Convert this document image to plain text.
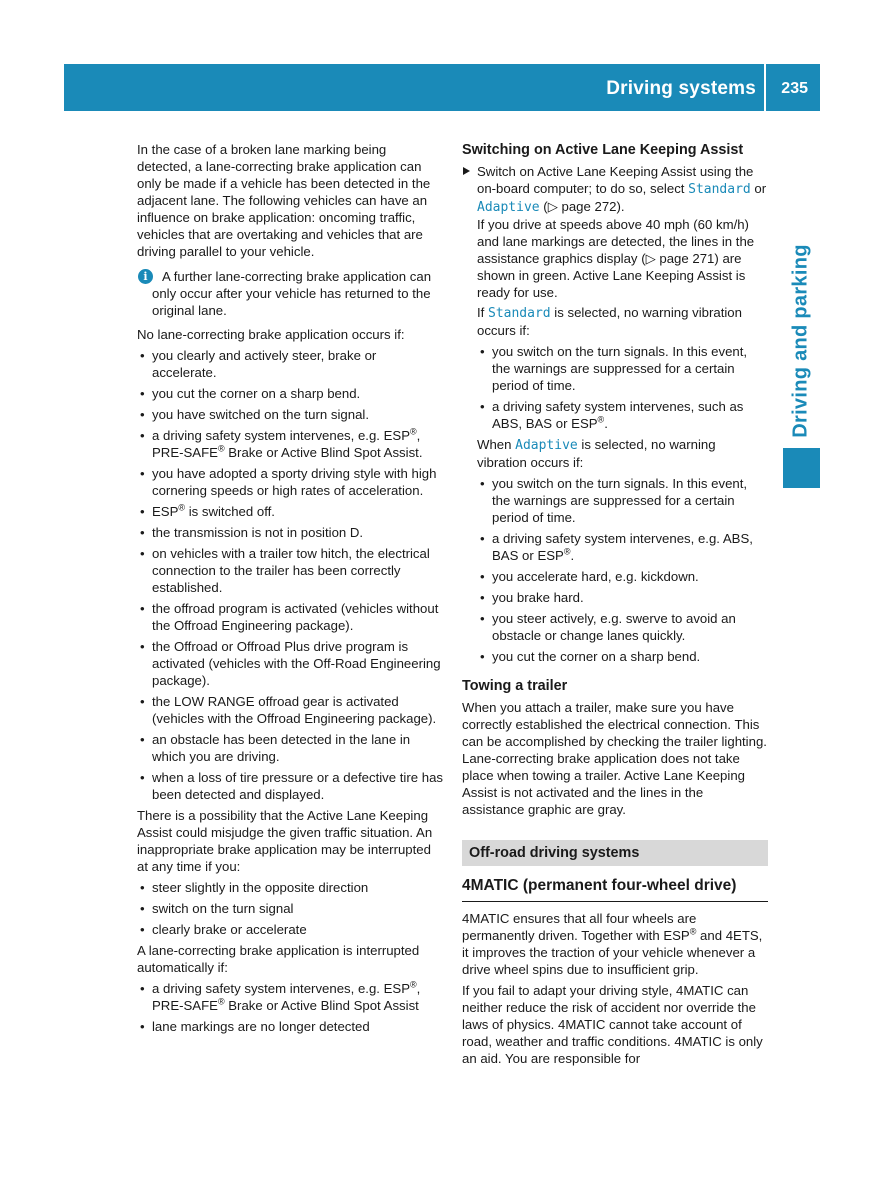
Driving systems 235
Driving and parking

In the case of a broken lane marking being detected, a lane-correcting brake application can only be made if a vehicle has been detected in the adjacent lane. The following vehicles can have an influence on brake application: oncoming traffic, vehicles that are overtaking and vehicles that are driving parallel to your vehicle.

i	A further lane-correcting brake application can only occur after your vehicle has returned to the original lane.

No lane-correcting brake application occurs if:

• you clearly and actively steer, brake or accelerate.
• you cut the corner on a sharp bend.
• you have switched on the turn signal.
• a driving safety system intervenes, e.g. ESP®, PRE-SAFE® Brake or Active Blind Spot Assist.
• you have adopted a sporty driving style with high cornering speeds or high rates of acceleration.
• ESP® is switched off.
• the transmission is not in position D.
• on vehicles with a trailer tow hitch, the electrical connection to the trailer has been correctly established.
• the offroad program is activated (vehicles without the Offroad Engineering package).
• the Offroad or Offroad Plus drive program is activated (vehicles with the Off-Road Engineering package).
• the LOW RANGE offroad gear is activated (vehicles with the Offroad Engineering package).
• an obstacle has been detected in the lane in which you are driving.
• when a loss of tire pressure or a defective tire has been detected and displayed.

There is a possibility that the Active Lane Keeping Assist could misjudge the given traffic situation. An inappropriate brake application may be interrupted at any time if you:

• steer slightly in the opposite direction
• switch on the turn signal
• clearly brake or accelerate

A lane-correcting brake application is interrupted automatically if:

• a driving safety system intervenes, e.g. ESP®, PRE-SAFE® Brake or Active Blind Spot Assist
• lane markings are no longer detected
Switching on Active Lane Keeping Assist
Switch on Active Lane Keeping Assist using the on-board computer; to do so, select Standard or Adaptive (▷ page 272).
If you drive at speeds above 40 mph (60 km/h) and lane markings are detected, the lines in the assistance graphics display (▷ page 271) are shown in green. Active Lane Keeping Assist is ready for use.
If Standard is selected, no warning vibration occurs if:
• you switch on the turn signals. In this event, the warnings are suppressed for a certain period of time.
• a driving safety system intervenes, such as ABS, BAS or ESP®.
When Adaptive is selected, no warning vibration occurs if:
• you switch on the turn signals. In this event, the warnings are suppressed for a certain period of time.
• a driving safety system intervenes, e.g. ABS, BAS or ESP®.
• you accelerate hard, e.g. kickdown.
• you brake hard.
• you steer actively, e.g. swerve to avoid an obstacle or change lanes quickly.
• you cut the corner on a sharp bend.
Towing a trailer

When you attach a trailer, make sure you have correctly established the electrical connection. This can be accomplished by checking the trailer lighting. Lane-correcting brake application does not take place when towing a trailer. Active Lane Keeping Assist is not activated and the lines in the assistance graphic are gray.

Off-road driving systems
4MATIC (permanent four-wheel drive)

4MATIC ensures that all four wheels are permanently driven. Together with ESP® and 4ETS, it improves the traction of your vehicle whenever a drive wheel spins due to insufficient grip.

If you fail to adapt your driving style, 4MATIC can neither reduce the risk of accident nor override the laws of physics. 4MATIC cannot take account of road, weather and traffic conditions. 4MATIC is only an aid. You are responsible for
